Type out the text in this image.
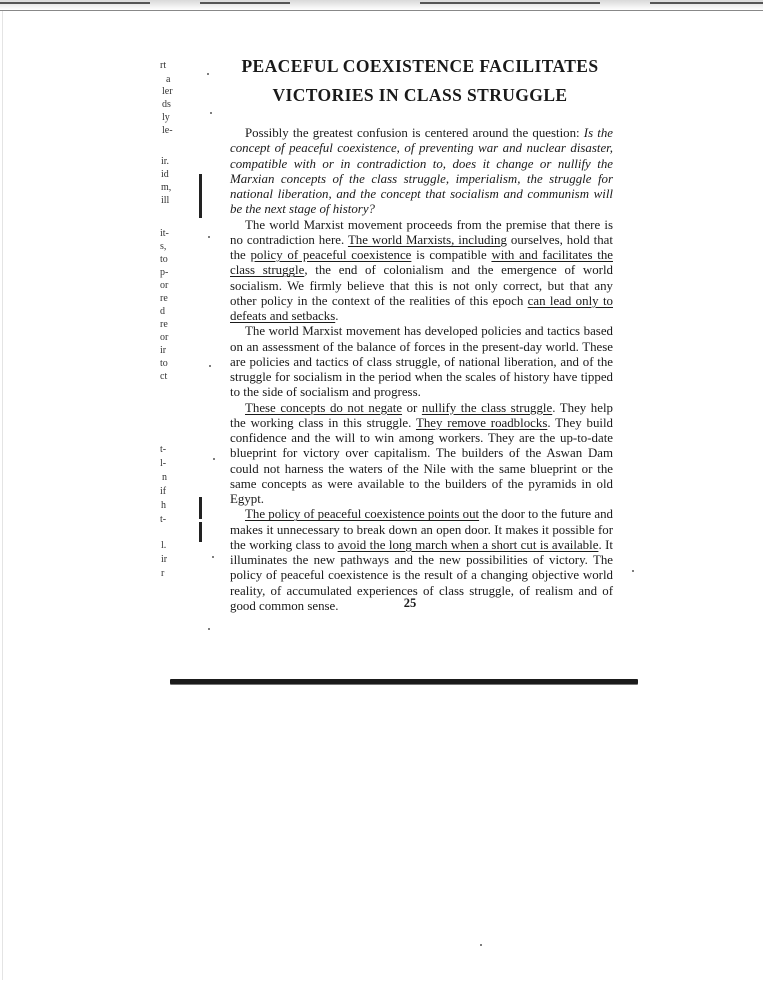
rt
a
ler
ds
ly
le-
ir.
id
m,
ill
it-
s,
to
p-
or
re
d
re
or
ir
to
ct
t-
l-
n
if
h
t-
l.
ir
r
PEACEFUL COEXISTENCE FACILITATES
VICTORIES IN CLASS STRUGGLE

Possibly the greatest confusion is centered around the question: Is the concept of peaceful coexistence, of preventing war and nuclear disaster, compatible with or in contradiction to, does it change or nullify the Marxian concepts of the class struggle, imperialism, the struggle for national liberation, and the concept that socialism and communism will be the next stage of history?

The world Marxist movement proceeds from the premise that there is no contradiction here. The world Marxists, including ourselves, hold that the policy of peaceful coexistence is compatible with and facilitates the class struggle, the end of colonialism and the emergence of world socialism. We firmly believe that this is not only correct, but that any other policy in the context of the realities of this epoch can lead only to defeats and setbacks.

The world Marxist movement has developed policies and tactics based on an assessment of the balance of forces in the present-day world. These are policies and tactics of class struggle, of national liberation, and of the struggle for socialism in the period when the scales of history have tipped to the side of socialism and progress.

These concepts do not negate or nullify the class struggle. They help the working class in this struggle. They remove roadblocks. They build confidence and the will to win among workers. They are the up-to-date blueprint for victory over capitalism. The builders of the Aswan Dam could not harness the waters of the Nile with the same blueprint or the same concepts as were available to the builders of the pyramids in old Egypt.

The policy of peaceful coexistence points out the door to the future and makes it unnecessary to break down an open door. It makes it possible for the working class to avoid the long march when a short cut is available. It illuminates the new pathways and the new possibilities of victory. The policy of peaceful coexistence is the result of a changing objective world reality, of accumulated experiences of class struggle, of realism and of good common sense.	25
